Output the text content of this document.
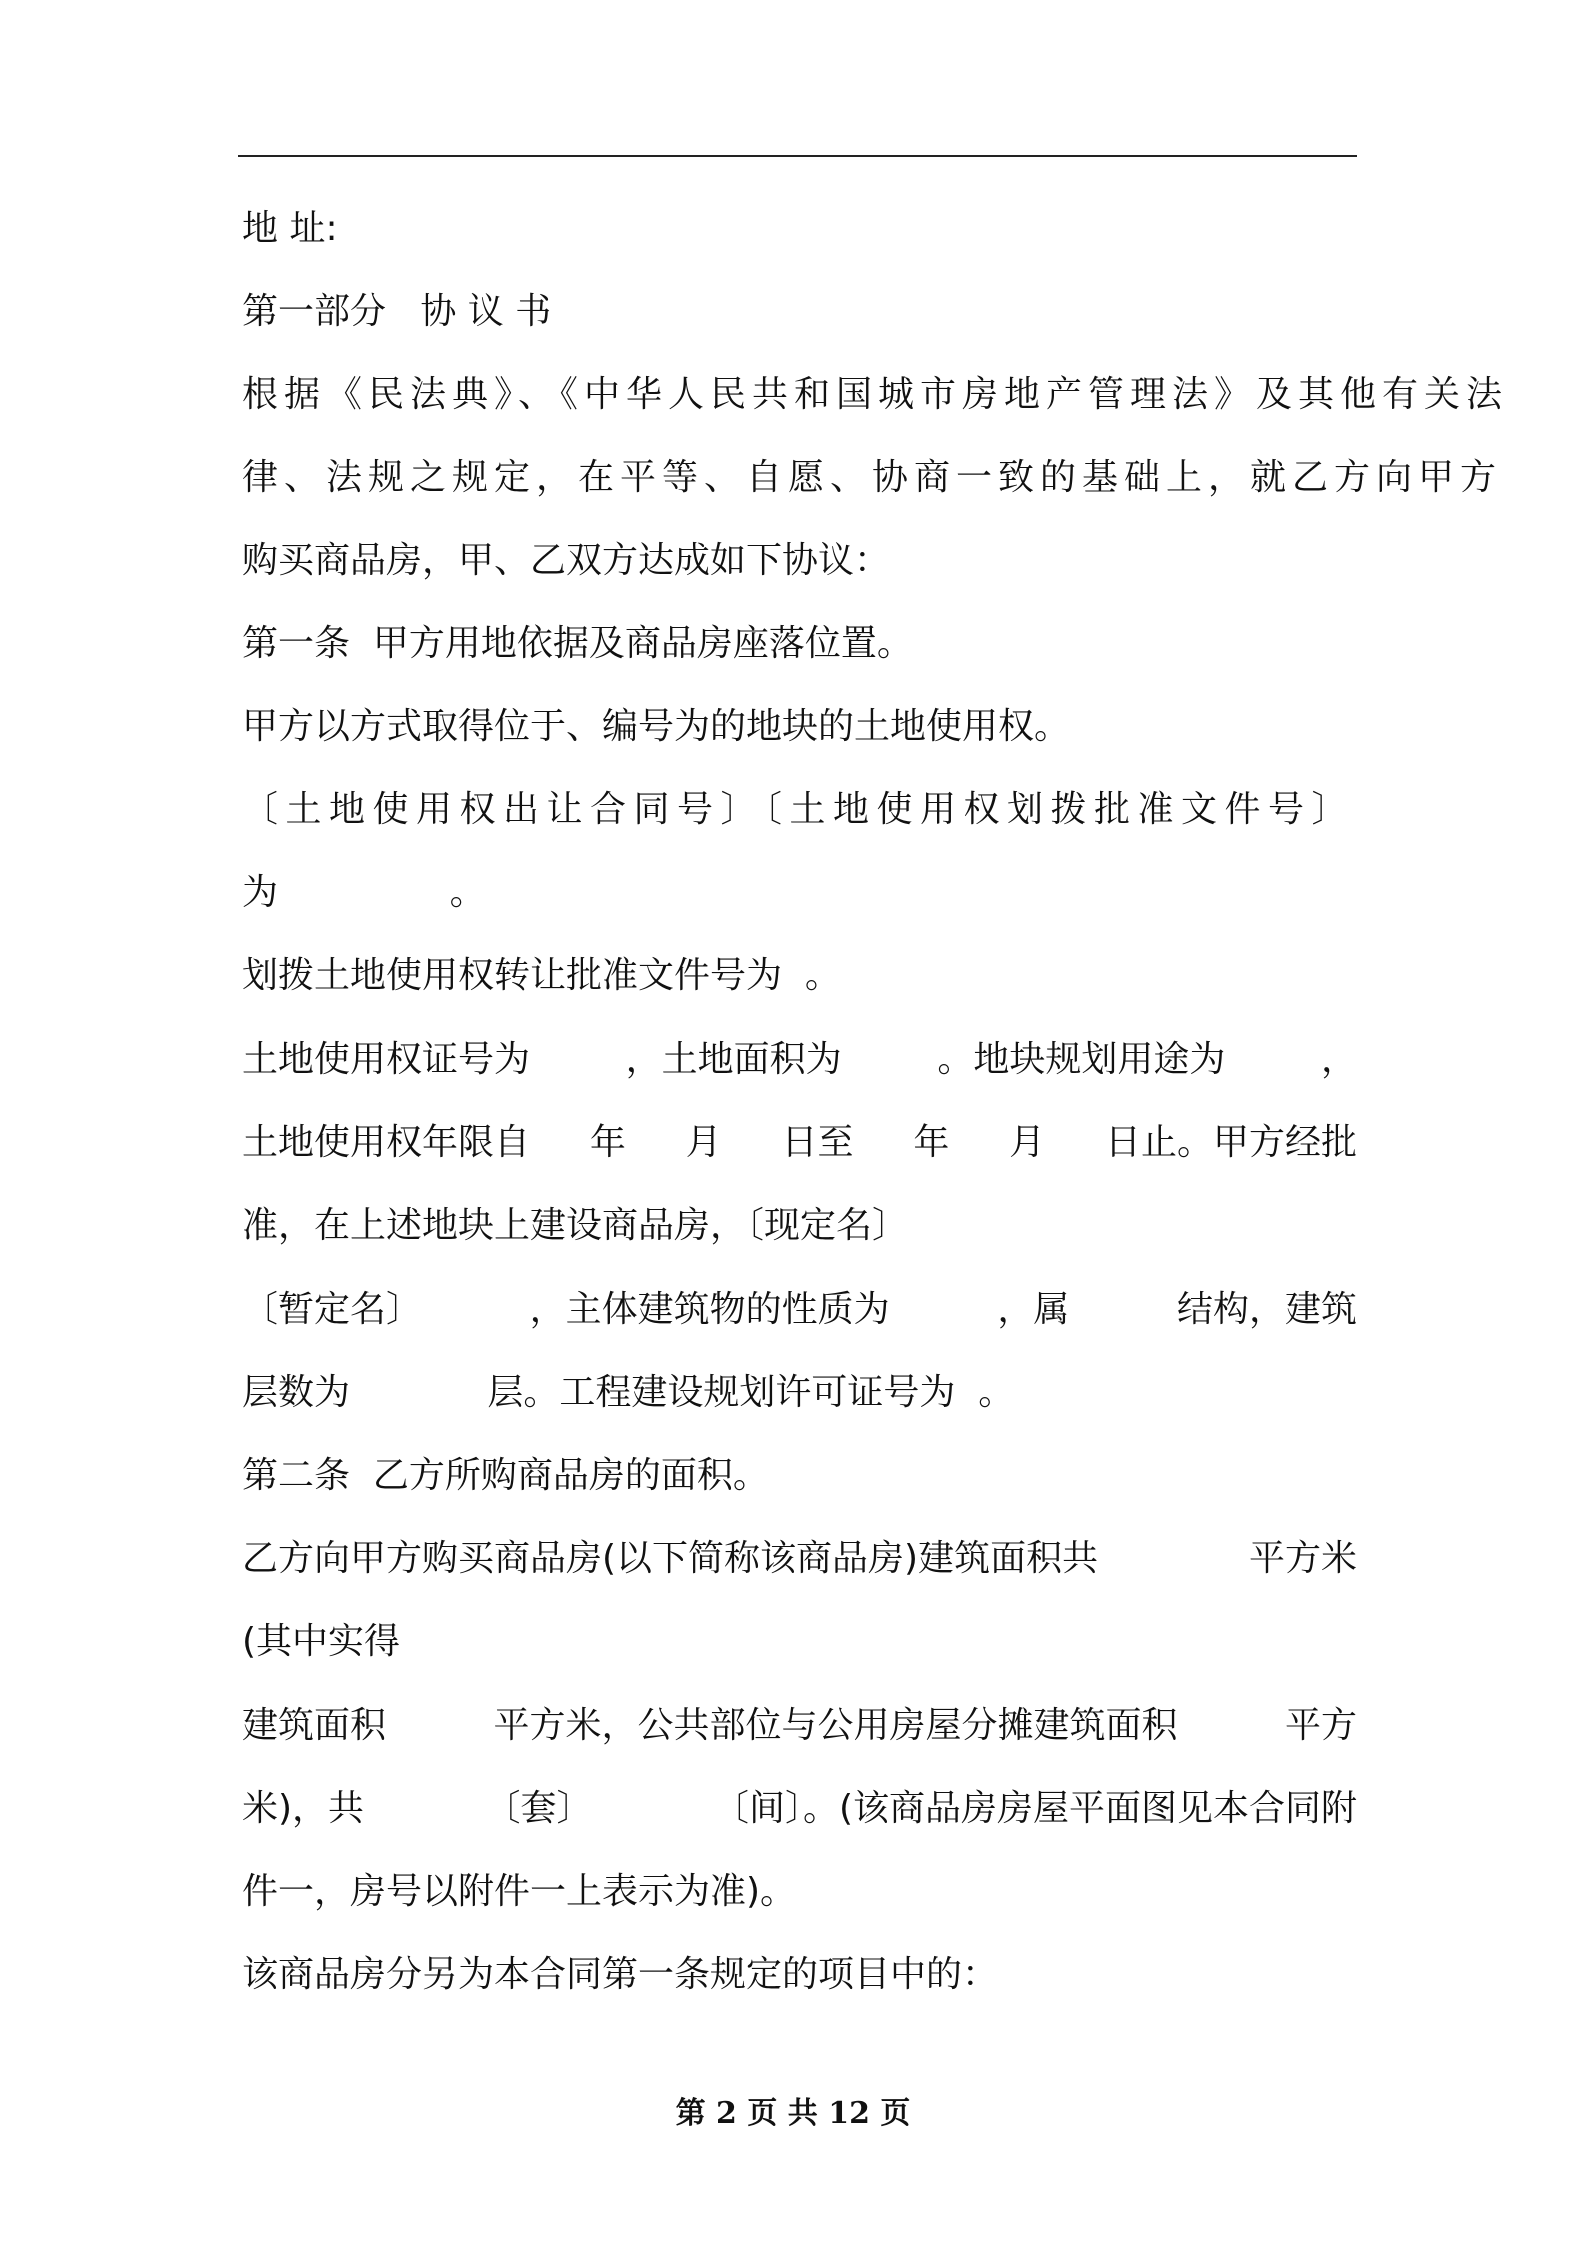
地 址:

第一部分   协 议 书

根据《民法典》、《中华人民共和国城市房地产管理法》及其他有关法

律、法规之规定，在平等、自愿、协商一致的基础上，就乙方向甲方

购买商品房，甲、乙双方达成如下协议：

第一条  甲方用地依据及商品房座落位置。

甲方以方式取得位于、编号为的地块的土地使用权。

〔土地使用权出让合同号〕〔土地使用权划拨批准文件号〕

为               。

划拨土地使用权转让批准文件号为  。

土地使用权证号为	，土地面积为	。地块规划用途为	，

土地使用权年限自 年 月 日至 年 月 日止。甲方经批

准，在上述地块上建设商品房，〔现定名〕

〔暂定名〕	，主体建筑物的性质为	，属	结构，建筑

层数为            层。工程建设规划许可证号为  。

第二条  乙方所购商品房的面积。

乙方向甲方购买商品房(以下简称该商品房)建筑面积共	平方米

(其中实得

建筑面积	平方米，公共部位与公用房屋分摊建筑面积	平方

米)，共	〔套〕	〔间〕。(该商品房房屋平面图见本合同附

件一，房号以附件一上表示为准)。

该商品房分另为本合同第一条规定的项目中的：

第 2 页 共 12 页
